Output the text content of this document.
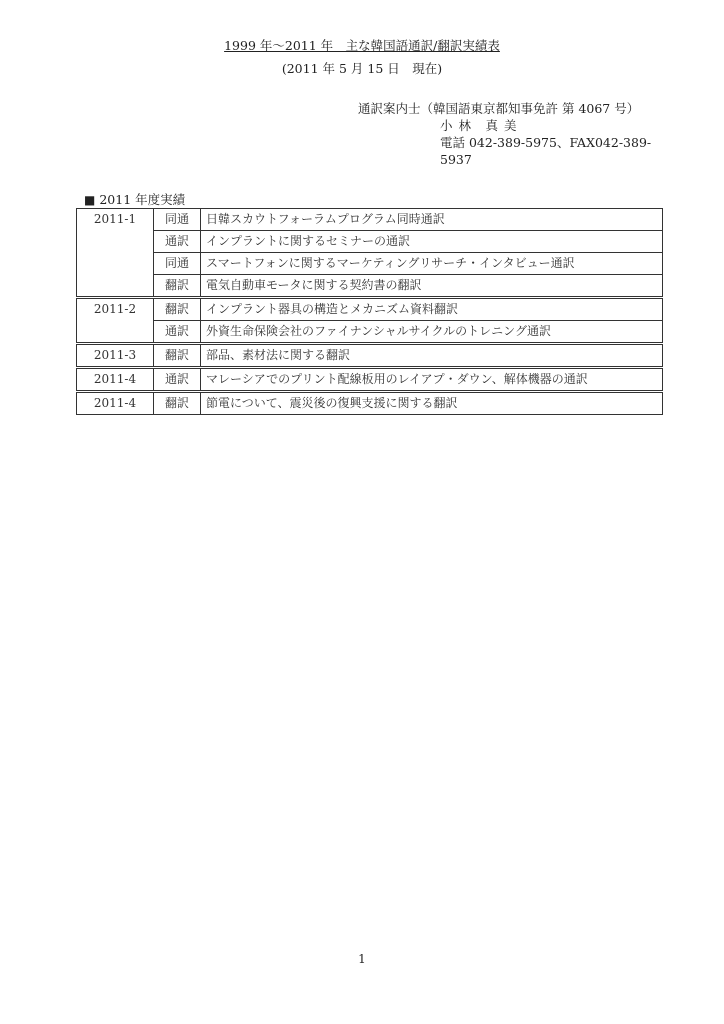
1999 年～2011 年　主な韓国語通訳/翻訳実績表
(2011 年 5 月 15 日　現在)
通訳案内士（韓国語東京都知事免許 第 4067 号）
小 林　真 美
電話 042-389-5975、FAX042-389-5937
■ 2011 年度実績
2011-1	同通	日韓スカウトフォーラムプログラム同時通訳
	通訳	インプラントに関するセミナーの通訳
	同通	スマートフォンに関するマーケティングリサーチ・インタビュー通訳
	翻訳	電気自動車モータに関する契約書の翻訳
2011-2	翻訳	インプラント器具の構造とメカニズム資料翻訳
	通訳	外資生命保険会社のファイナンシャルサイクルのトレニング通訳
2011-3	翻訳	部品、素材法に関する翻訳
2011-4	通訳	マレーシアでのプリント配線板用のレイアプ・ダウン、解体機器の通訳
2011-4	翻訳	節電について、震災後の復興支援に関する翻訳
1
